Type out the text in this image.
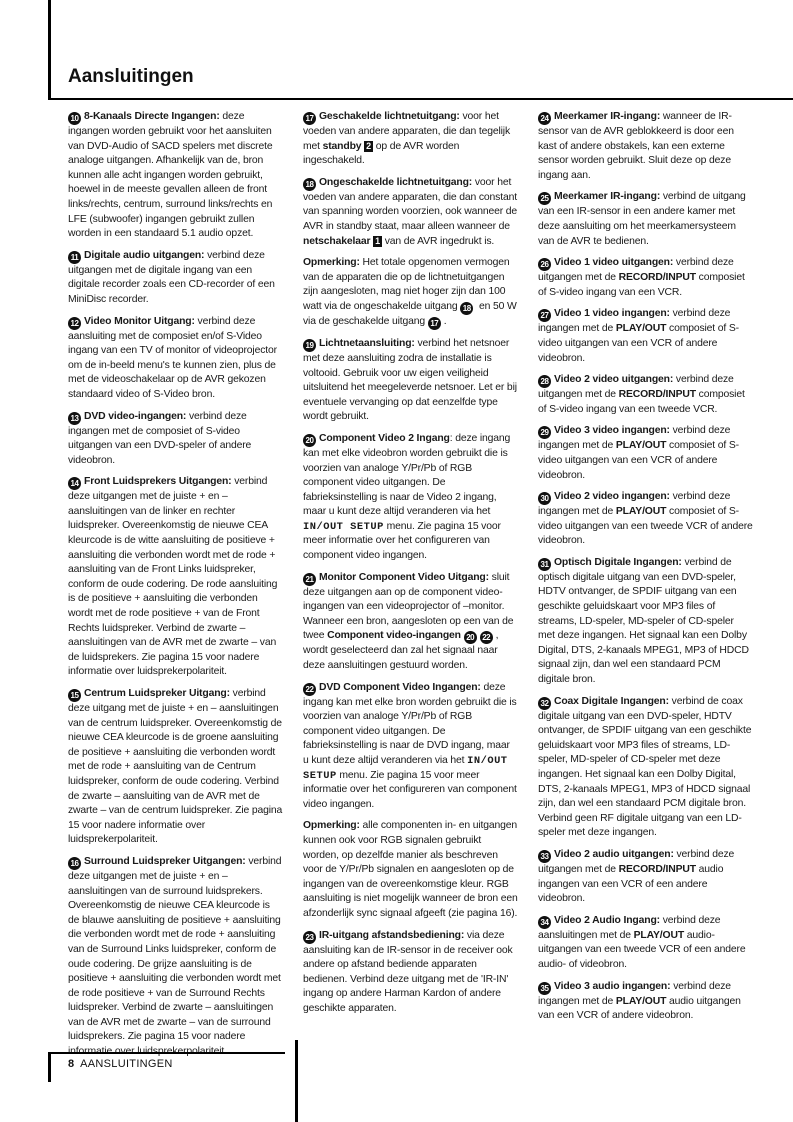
Aansluitingen

10 8-Kanaals Directe Ingangen: deze ingangen worden gebruikt voor het aansluiten van DVD-Audio of SACD spelers met discrete analoge uitgangen. Afhankelijk van de, bron kunnen alle acht ingangen worden gebruikt, hoewel in de meeste gevallen alleen de front links/rechts, centrum, surround links/rechts en LFE (subwoofer) ingangen gebruikt zullen worden in een standaard 5.1 audio opzet.

11 Digitale audio uitgangen: verbind deze uitgangen met de digitale ingang van een digitale recorder zoals een CD-recorder of een MiniDisc recorder.

12 Video Monitor Uitgang: verbind deze aansluiting met de composiet en/of S-Video ingang van een TV of monitor of videoprojector om de in-beeld menu's te kunnen zien, plus de met de videoschakelaar op de AVR gekozen standaard video of S-Video bron.

13 DVD video-ingangen: verbind deze ingangen met de composiet of S-video uitgangen van een DVD-speler of andere videobron.

14 Front Luidsprekers Uitgangen: verbind deze uitgangen met de juiste + en – aansluitingen van de linker en rechter luidspreker. Overeenkomstig de nieuwe CEA kleurcode is de witte aansluiting de positieve + aansluiting die verbonden wordt met de rode + aansluiting van de Front Links luidspreker, conform de oude codering. De rode aansluiting is de positieve + aansluiting die verbonden wordt met de rode positieve + van de Front Rechts luidspreker. Verbind de zwarte – aansluitingen van de AVR met de zwarte – van de luidsprekers. Zie pagina 15 voor nadere informatie over luidsprekerpolariteit.

15 Centrum Luidspreker Uitgang: verbind deze uitgang met de juiste + en – aansluitingen van de centrum luidspreker. Overeenkomstig de nieuwe CEA kleurcode is de groene aansluiting de positieve + aansluiting die verbonden wordt met de rode + aansluiting van de Centrum luidspreker, conform de oude codering. Verbind de zwarte – aansluiting van de AVR met de zwarte – van de centrum luidspreker. Zie pagina 15 voor nadere informatie over luidsprekerpolariteit.

16 Surround Luidspreker Uitgangen: verbind deze uitgangen met de juiste + en – aansluitingen van de surround luidsprekers. Overeenkomstig de nieuwe CEA kleurcode is de blauwe aansluiting de positieve + aansluiting die verbonden wordt met de rode + aansluiting van de Surround Links luidspreker, conform de oude codering. De grijze aansluiting is de positieve + aansluiting die verbonden wordt met de rode positieve + van de Surround Rechts luidspreker. Verbind de zwarte – aansluitingen van de AVR met de zwarte – van de surround luidsprekers. Zie pagina 15 voor nadere

17 Geschakelde lichtnetuitgang: voor het voeden van andere apparaten, die dan tegelijk met standby 2 op de AVR worden ingeschakeld.

18 Ongeschakelde lichtnetuitgang: voor het voeden van andere apparaten, die dan constant van spanning worden voorzien, ook wanneer de AVR in standby staat, maar alleen wanneer de netschakelaar 1 van de AVR ingedrukt is.

Opmerking: Het totale opgenomen vermogen van de apparaten die op de lichtnetuitgangen zijn aangesloten, mag niet hoger zijn dan 100 watt via de ongeschakelde uitgang 18 en 50 W via de geschakelde uitgang 17 .

19 Lichtnetaansluiting: verbind het netsnoer met deze aansluiting zodra de installatie is voltooid. Gebruik voor uw eigen veiligheid uitsluitend het meegeleverde netsnoer. Let er bij eventuele vervanging op dat eenzelfde type wordt gebruikt.

20 Component Video 2 Ingang: deze ingang kan met elke videobron worden gebruikt die is voorzien van analoge Y/Pr/Pb of RGB component video uitgangen. De fabrieksinstelling is naar de Video 2 ingang, maar u kunt deze altijd veranderen via het IN/OUT SETUP menu. Zie pagina 15 voor meer informatie over het configureren van component video ingangen.

21 Monitor Component Video Uitgang: sluit deze uitgangen aan op de component video-ingangen van een videoprojector of –monitor. Wanneer een bron, aangesloten op een van de twee Component video-ingangen 20 22 , wordt geselecteerd dan zal het signaal naar deze aansluitingen gestuurd worden.

22 DVD Component Video Ingangen: deze ingang kan met elke bron worden gebruikt die is voorzien van analoge Y/Pr/Pb of RGB component video uitgangen. De fabrieksinstelling is naar de DVD ingang, maar u kunt deze altijd veranderen via het IN/OUT SETUP menu. Zie pagina 15 voor meer informatie over het configureren van component video ingangen.

Opmerking: alle componenten in- en uitgangen kunnen ook voor RGB signalen gebruikt worden, op dezelfde manier als beschreven voor de Y/Pr/Pb signalen en aangesloten op de ingangen van de overeenkomstige kleur. RGB aansluiting is niet mogelijk wanneer de bron een afzonderlijk sync signaal afgeeft (zie pagina 16).

23 IR-uitgang afstandsbediening: via deze aansluiting kan de IR-sensor in de receiver ook andere op afstand bediende apparaten bedienen. Verbind deze uitgang met de 'IR-IN' ingang op andere Harman Kardon of andere geschikte apparaten.

24 Meerkamer IR-ingang: wanneer de IR-sensor van de AVR geblokkeerd is door een kast of andere obstakels, kan een externe sensor worden gebruikt. Sluit deze op deze ingang aan.

25 Meerkamer IR-ingang: verbind de uitgang van een IR-sensor in een andere kamer met deze aansluiting om het meerkamersysteem van de AVR te bedienen.

26 Video 1 video uitgangen: verbind deze uitgangen met de RECORD/INPUT composiet of S-video ingang van een VCR.

27 Video 1 video ingangen: verbind deze ingangen met de PLAY/OUT composiet of S-video uitgangen van een VCR of andere videobron.

28 Video 2 video uitgangen: verbind deze uitgangen met de RECORD/INPUT composiet of S-video ingang van een tweede VCR.

29 Video 3 video ingangen: verbind deze ingangen met de PLAY/OUT composiet of S-video uitgangen van een VCR of andere videobron.

30 Video 2 video ingangen: verbind deze ingangen met de PLAY/OUT composiet of S-video uitgangen van een tweede VCR of andere videobron.

31 Optisch Digitale Ingangen: verbind de optisch digitale uitgang van een DVD-speler, HDTV ontvanger, de SPDIF uitgang van een geschikte geluidskaart voor MP3 files of streams, LD-speler, MD-speler of CD-speler met deze ingangen. Het signaal kan een Dolby Digital, DTS, 2-kanaals MPEG1, MP3 of HDCD signaal zijn, dan wel een standaard PCM digitale bron.

32 Coax Digitale Ingangen: verbind de coax digitale uitgang van een DVD-speler, HDTV ontvanger, de SPDIF uitgang van een geschikte geluidskaart voor MP3 files of streams, LD-speler, MD-speler of CD-speler met deze ingangen. Het signaal kan een Dolby Digital, DTS, 2-kanaals MPEG1, MP3 of HDCD signaal zijn, dan wel een standaard PCM digitale bron. Verbind geen RF digitale uitgang van een LD-speler met deze ingangen.

33 Video 2 audio uitgangen: verbind deze uitgangen met de RECORD/INPUT audio ingangen van een VCR of een andere videobron.

34 Video 2 Audio Ingang: verbind deze aansluitingen met de PLAY/OUT audio-uitgangen van een tweede VCR of een andere audio- of videobron.

35 Video 3 audio ingangen: verbind deze ingangen met de PLAY/OUT audio uitgangen van een VCR of andere videobron.

8 AANSLUITINGEN
